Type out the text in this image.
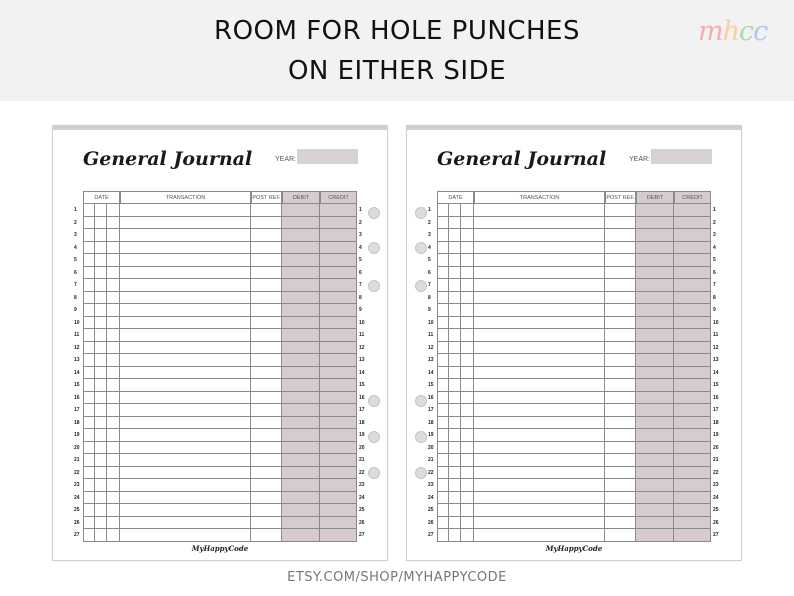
ROOM FOR HOLE PUNCHES
ON EITHER SIDE
mhcc
General Journal	YEAR:
DATE	TRANSACTION	POST REF.	DEBIT	CREDIT
1	1
2	2
3	3
4	4
5	5
6	6
7	7
8	8
9	9
10	10
11	11
12	12
13	13
14	14
15	15
16	16
17	17
18	18
19	19
20	20
21	21
22	22
23	23
24	24
25	25
26	26
27	27
MyHappyCode
General Journal	YEAR:
DATE	TRANSACTION	POST REF.	DEBIT	CREDIT
1	1
2	2
3	3
4	4
5	5
6	6
7	7
8	8
9	9
10	10
11	11
12	12
13	13
14	14
15	15
16	16
17	17
18	18
19	19
20	20
21	21
22	22
23	23
24	24
25	25
26	26
27	27
MyHappyCode
ETSY.COM/SHOP/MYHAPPYCODE
